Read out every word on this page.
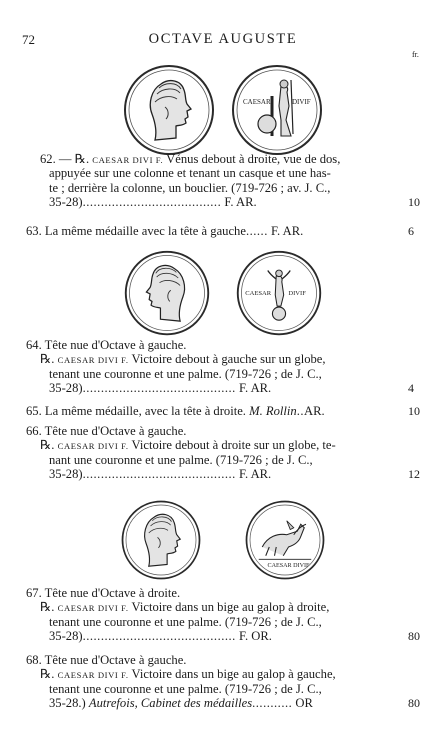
72	OCTAVE AUGUSTE
fr.
CAESAR	DIVIF
62. — ℞. CAESAR DIVI F. Vénus debout à droite, vue de dos,
appuyée sur une colonne et tenant un casque et une has-
te ; derrière la colonne, un bouclier. (719-726 ; av. J. C.,
35-28)...................................... F. AR.	10
63. La même médaille avec la tête à gauche...... F. AR.	6
CAESAR DIVIF
64. Tête nue d'Octave à gauche.
℞. CAESAR DIVI F. Victoire debout à gauche sur un globe,
tenant une couronne et une palme. (719-726 ; de J. C.,
35-28).......................................... F. AR.	4
65. La même médaille, avec la tête à droite. M. Rollin..AR.	10
66. Tête nue d'Octave à gauche.
℞. CAESAR DIVI F. Victoire debout à droite sur un globe, te-
nant une couronne et une palme. (719-726 ; de J. C.,
35-28).......................................... F. AR.	12
CAESAR DIVIF
67. Tête nue d'Octave à droite.
℞. CAESAR DIVI F. Victoire dans un bige au galop à droite,
tenant une couronne et une palme. (719-726 ; de J. C.,
35-28).......................................... F. OR.	80
68. Tête nue d'Octave à gauche.
℞. CAESAR DIVI F. Victoire dans un bige au galop à gauche,
tenant une couronne et une palme. (719-726 ; de J. C.,
35-28.) Autrefois, Cabinet des médailles........... OR	80
